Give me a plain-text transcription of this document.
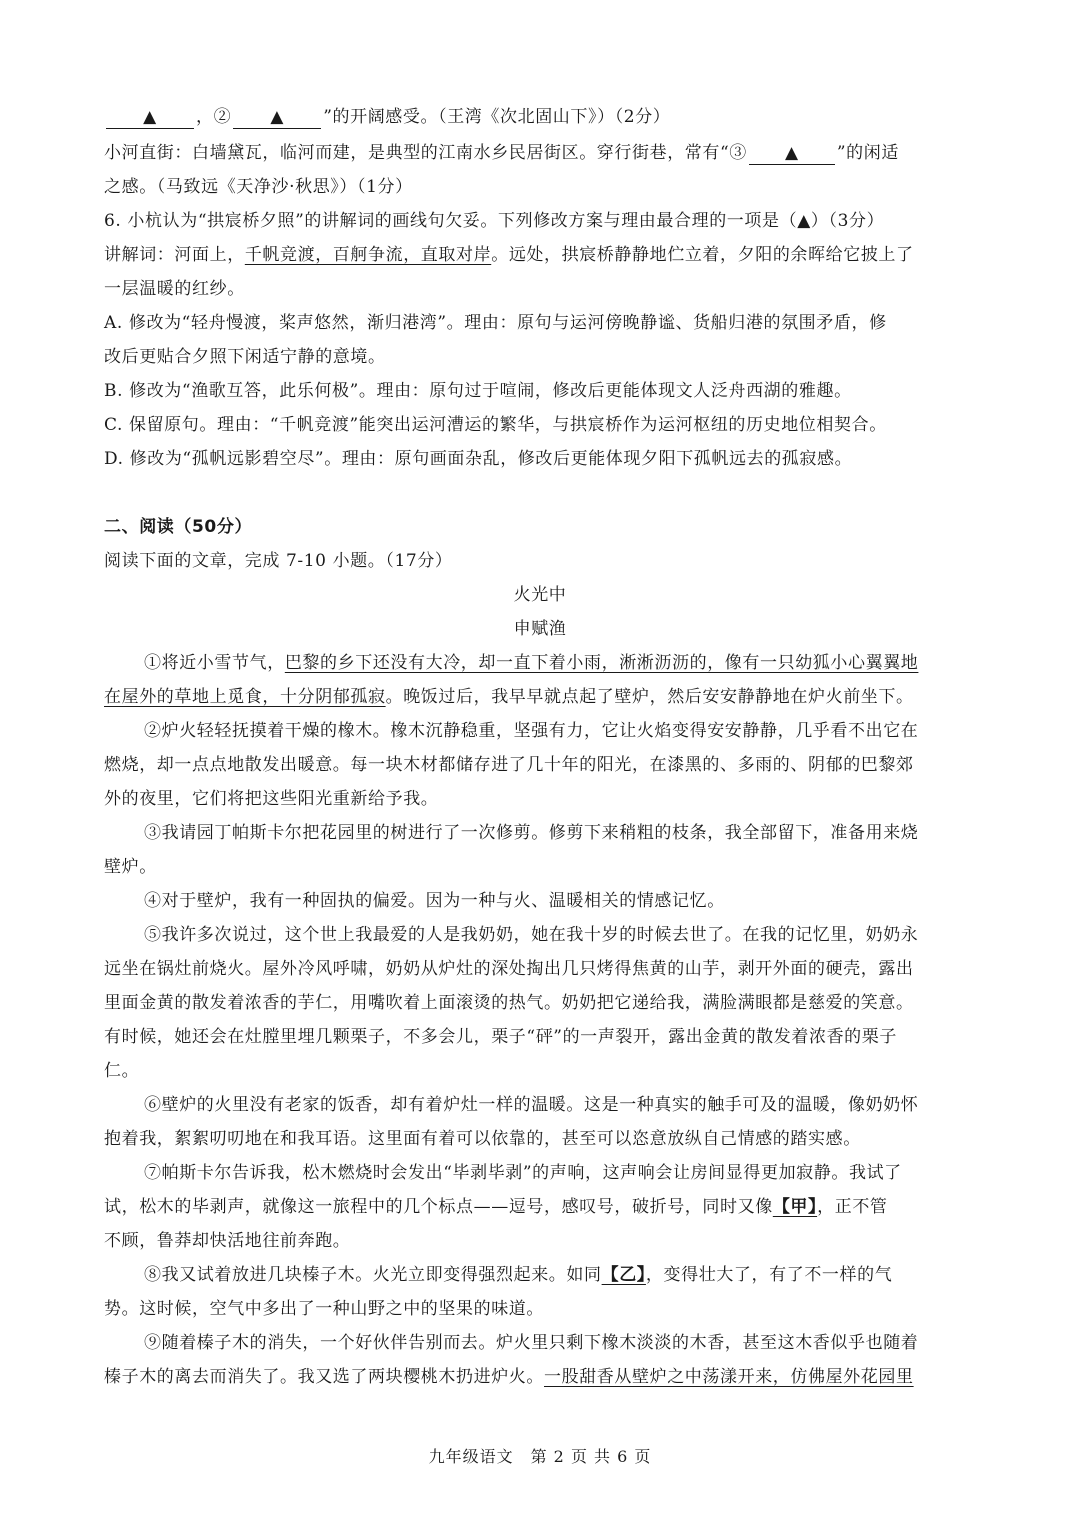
▲ ，② ▲ ”的开阔感受。（王湾《次北固山下》）（2分）
小河直街：白墙黛瓦，临河而建，是典型的江南水乡民居街区。穿行街巷，常有“③ ▲ ”的闲适
之感。（马致远《天净沙·秋思》）（1分）
6. 小杭认为“拱宸桥夕照”的讲解词的画线句欠妥。下列修改方案与理由最合理的一项是（▲）（3分）
讲解词：河面上，千帆竞渡，百舸争流，直取对岸。远处，拱宸桥静静地伫立着，夕阳的余晖给它披上了
一层温暖的红纱。
A. 修改为“轻舟慢渡，桨声悠然，渐归港湾”。理由：原句与运河傍晚静谧、货船归港的氛围矛盾，修
改后更贴合夕照下闲适宁静的意境。
B. 修改为“渔歌互答，此乐何极”。理由：原句过于喧闹，修改后更能体现文人泛舟西湖的雅趣。
C. 保留原句。理由：“千帆竞渡”能突出运河漕运的繁华，与拱宸桥作为运河枢纽的历史地位相契合。
D. 修改为“孤帆远影碧空尽”。理由：原句画面杂乱，修改后更能体现夕阳下孤帆远去的孤寂感。
二、阅读（50分）
阅读下面的文章，完成 7-10 小题。（17分）
火光中
申赋渔
①将近小雪节气，巴黎的乡下还没有大冷，却一直下着小雨，淅淅沥沥的，像有一只幼狐小心翼翼地
在屋外的草地上觅食，十分阴郁孤寂。晚饭过后，我早早就点起了壁炉，然后安安静静地在炉火前坐下。
②炉火轻轻抚摸着干燥的橡木。橡木沉静稳重，坚强有力，它让火焰变得安安静静，几乎看不出它在
燃烧，却一点点地散发出暖意。每一块木材都储存进了几十年的阳光，在漆黑的、多雨的、阴郁的巴黎郊
外的夜里，它们将把这些阳光重新给予我。
③我请园丁帕斯卡尔把花园里的树进行了一次修剪。修剪下来稍粗的枝条，我全部留下，准备用来烧
壁炉。
④对于壁炉，我有一种固执的偏爱。因为一种与火、温暖相关的情感记忆。
⑤我许多次说过，这个世上我最爱的人是我奶奶，她在我十岁的时候去世了。在我的记忆里，奶奶永
远坐在锅灶前烧火。屋外冷风呼啸，奶奶从炉灶的深处掏出几只烤得焦黄的山芋，剥开外面的硬壳，露出
里面金黄的散发着浓香的芋仁，用嘴吹着上面滚烫的热气。奶奶把它递给我，满脸满眼都是慈爱的笑意。
有时候，她还会在灶膛里埋几颗栗子，不多会儿，栗子“砰”的一声裂开，露出金黄的散发着浓香的栗子
仁。
⑥壁炉的火里没有老家的饭香，却有着炉灶一样的温暖。这是一种真实的触手可及的温暖，像奶奶怀
抱着我，絮絮叨叨地在和我耳语。这里面有着可以依靠的，甚至可以恣意放纵自己情感的踏实感。
⑦帕斯卡尔告诉我，松木燃烧时会发出“毕剥毕剥”的声响，这声响会让房间显得更加寂静。我试了
试，松木的毕剥声，就像这一旅程中的几个标点——逗号，感叹号，破折号，同时又像【甲】，正不管
不顾，鲁莽却快活地往前奔跑。
⑧我又试着放进几块榛子木。火光立即变得强烈起来。如同【乙】，变得壮大了，有了不一样的气
势。这时候，空气中多出了一种山野之中的坚果的味道。
⑨随着榛子木的消失，一个好伙伴告别而去。炉火里只剩下橡木淡淡的木香，甚至这木香似乎也随着
榛子木的离去而消失了。我又选了两块樱桃木扔进炉火。一股甜香从壁炉之中荡漾开来，仿佛屋外花园里
九年级语文　第 2 页 共 6 页
